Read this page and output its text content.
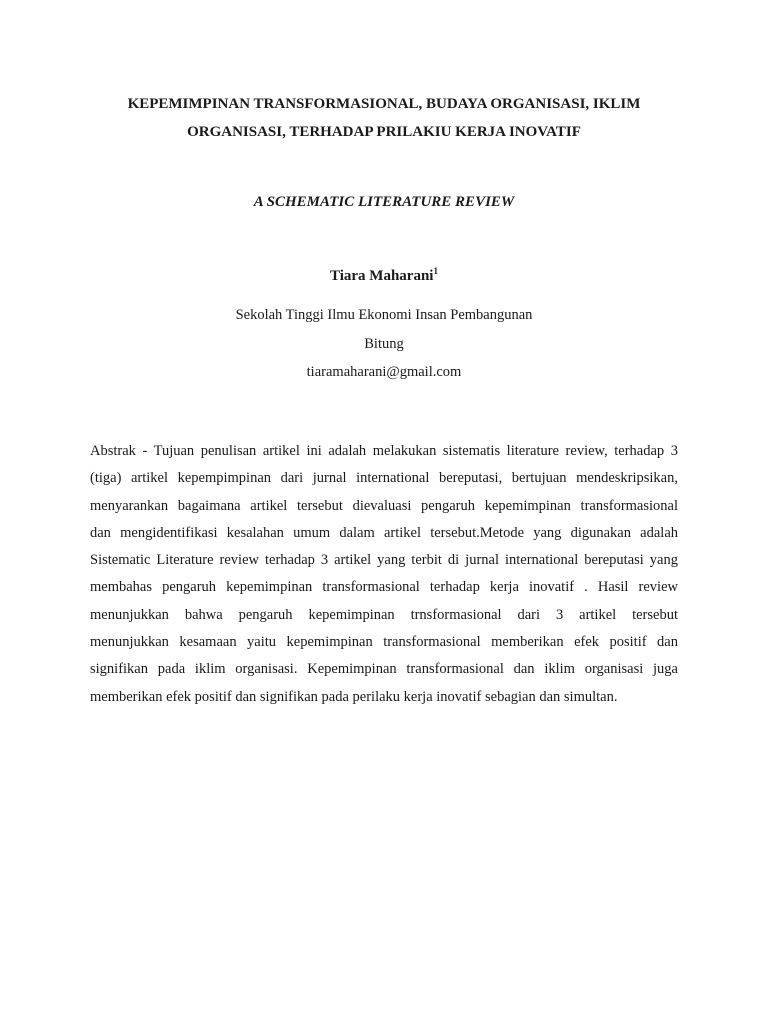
KEPEMIMPINAN TRANSFORMASIONAL, BUDAYA ORGANISASI, IKLIM
ORGANISASI, TERHADAP PRILAKIU KERJA INOVATIF
A SCHEMATIC LITERATURE REVIEW
Tiara Maharani$^1$
Sekolah Tinggi Ilmu Ekonomi Insan Pembangunan
Bitung
tiaramaharani@gmail.com
Abstrak - Tujuan penulisan artikel ini adalah melakukan sistematis literature review, terhadap 3
(tiga) artikel kepempimpinan dari jurnal international bereputasi, bertujuan mendeskripsikan,
menyarankan bagaimana artikel tersebut dievaluasi pengaruh kepemimpinan transformasional
dan mengidentifikasi kesalahan umum dalam artikel tersebut.Metode yang digunakan adalah
Sistematic Literature review terhadap 3 artikel yang terbit di jurnal international bereputasi yang
membahas pengaruh kepemimpinan transformasional terhadap kerja inovatif . Hasil review
menunjukkan bahwa pengaruh kepemimpinan trnsformasional dari 3 artikel tersebut
menunjukkan kesamaan yaitu kepemimpinan transformasional memberikan efek positif dan
signifikan pada iklim organisasi. Kepemimpinan transformasional dan iklim organisasi juga
memberikan efek positif dan signifikan pada perilaku kerja inovatif sebagian dan simultan.
